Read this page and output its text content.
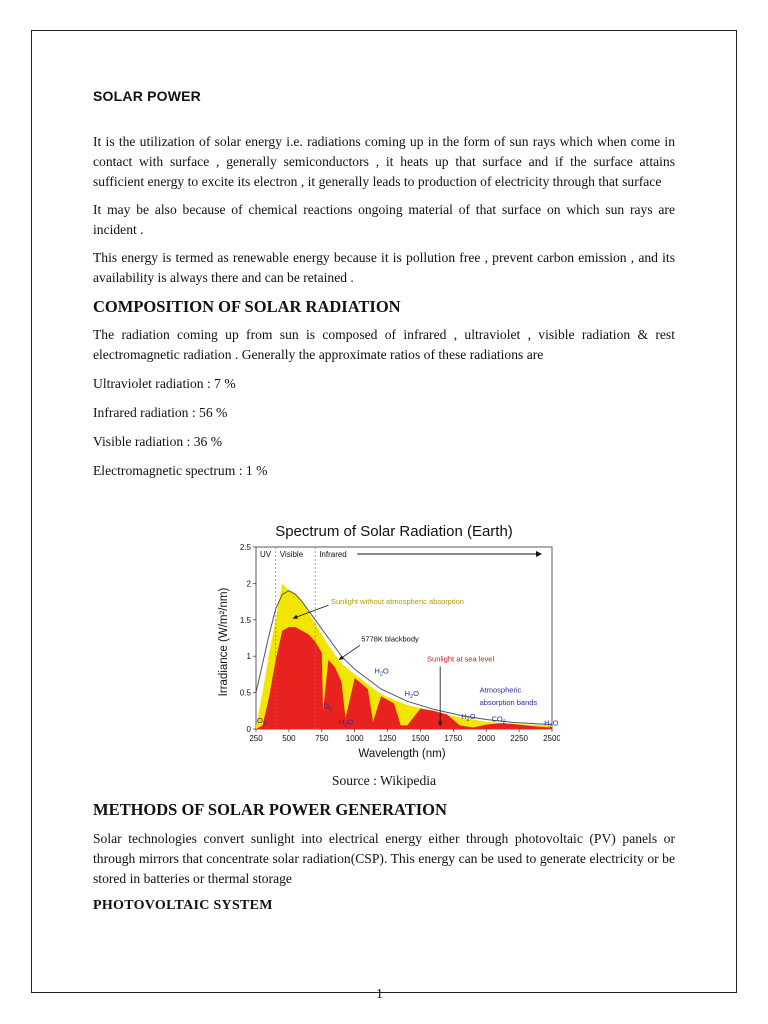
SOLAR POWER

It is the utilization of solar energy i.e. radiations coming up in the form of sun rays which when come in contact with surface , generally semiconductors , it heats up that surface and if the surface attains sufficient energy to excite its electron , it generally leads to production of electricity through that surface

It may be also because of chemical reactions ongoing material of that surface on which sun rays are incident .

This energy is termed as renewable energy because it is pollution free , prevent carbon emission , and its availability is always there and can be retained .

COMPOSITION OF SOLAR RADIATION

The radiation coming up from sun is composed of infrared , ultraviolet , visible radiation & rest electromagnetic radiation . Generally the approximate ratios of these radiations are

Ultraviolet radiation : 7 %

Infrared radiation : 56 %

Visible radiation : 36 %

Electromagnetic spectrum : 1 %

Spectrum of Solar Radiation (Earth)
UV Visible Infrared
250 500 750 1000 1250 1500 1750 2000 2250 2500
0
0.5
1
1.5
2
2.5
Sunlight without atmospheric absorption
5778K blackbody
Sunlight at sea level
Atmospheric
absorption bands
$O_3$
$O_2$
$H_2O$
$H_2O$
$H_2O$
$H_2O$ $CO_2$	$H_2O$
Wavelength (nm)
Irradiance (W/m²/nm)

Source : Wikipedia

METHODS OF SOLAR POWER GENERATION

Solar technologies convert sunlight into electrical energy either through photovoltaic (PV) panels or through mirrors that concentrate solar radiation(CSP). This energy can be used to generate electricity or be stored in batteries or thermal storage

PHOTOVOLTAIC SYSTEM
1
